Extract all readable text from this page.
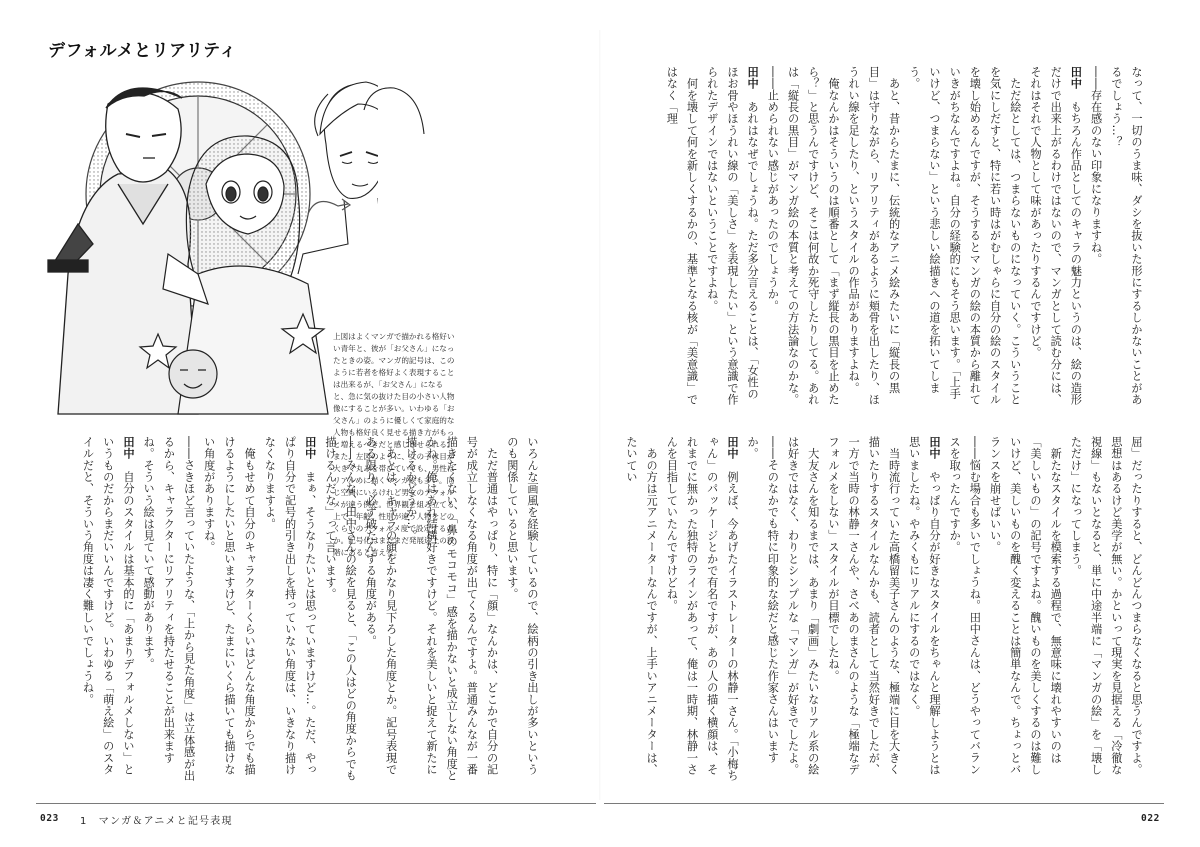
デフォルメとリアリティ

上図はよくマンガで描かれる格好いい青年と、彼が「お父さん」になったときの姿。マンガ的記号は、このように若者を格好よく表現することは出来るが、「お父さん」になると、急に気の抜けた目の小さい人物像にすることが多い。いわゆる「お父さん」のように優しくて家庭的な人物も格好良く見せる描き方がもっと増えるべきだと感じさせられる。また、左図のように、女の子は目が大きく丸みを帯びていても、男性はリアルめに描くマンガ絵も多い。同じ空間にいるけれど男女のデフォルメが違う例だ。世界観を組み立てる上で、年齢、性別が違う人物をどのくらいのデフォルメ度で設定するのか。記号化はまだまだ発展途上の段階にあると言える。

なって、一切のうま味、ダシを抜いた形にするしかないことがあるでしょう…？

――存在感のない印象になりますね。

田中　もちろん作品としてのキャラの魅力というのは、絵の造形だけで出来上がるわけではないので、マンガとして読む分には、それはそれで人物として味があったりするんですけど。

　ただ絵としては、つまらないものになっていく。こういうことを気にしだすと、特に若い時はがむしゃらに自分の絵のスタイルを壊し始めるんですが、そうするとマンガの絵の本質から離れていきがちなんですよね。自分の経験的にもそう思います。「上手いけど、つまらない」という悲しい絵描きへの道を拓いてしまう。

　あと、昔からたまに、伝統的なアニメ絵みたいに「縦長の黒目」は守りながら、リアリティがあるように頬骨を出したり、ほうれい線を足したり、というスタイルの作品がありますよね。

　俺なんかはそういうのは順番として「まず縦長の黒目を止めたら？」と思うんですけど、そこは何故か死守したりしてる。あれは「縦長の黒目」がマンガ絵の本質と考えての方法論なのかな。

――止められない感じがあったのでしょうか。

田中　あれはなぜでしょうね。ただ多分言えることは、「女性のほお骨やほうれい線の「美しさ」を表現したい」という意識で作られたデザインではないということですよね。

　何を壊して何を新しくするかの、基準となる核が「美意識」ではなく「理

屈」だったりすると、どんどんつまらなくなると思うんですよ。思想はあるけど美学が無い。かといって現実を見据える「冷徹な視線」もないとなると、単に中途半端に「マンガの絵」を「壊しただけ」になってしまう。

　新たなスタイルを模索する過程で、無意味に壊れやすいのは「美しいもの」の記号ですよね。醜いものを美しくするのは難しいけど、美しいものを醜く変えることは簡単なんで。ちょっとバランスを崩せばいい。

――悩む場合も多いでしょうね。田中さんは、どうやってバランスを取ったんですか。

田中　やっぱり自分が好きなスタイルをちゃんと理解しようとは思いましたね。やみくもにリアルにするのではなく。

　当時流行っていた高橋留美子さんのような、極端に目を大きく描いたりするスタイルなんかも、読者として当然好きでしたが、一方で当時の林静一さんや、さべあのまさんのような「極端なデフォルメをしない」スタイルが目標でしたね。

　大友さんを知るまでは、あまり「劇画」みたいなリアル系の絵は好きではなく、わりとシンプルな「マンガ」が好きでしたよ。

――そのなかでも特に印象的な絵だと感じた作家さんはいますか。

田中　例えば、今あげたイラストレーターの林静一さん。「小梅ちゃん」のパッケージとかで有名ですが、あの人の描く横顔は、それまでに無かった独特のラインがあって、俺は一時期、林静一さんを目指していたんですけどね。

　あの方は元アニメーターなんですが、上手いアニメーターは、たいてい

いろんな画風を経験しているので、絵柄の引き出しが多いというのも関係していると思います。

　ただ普通はやっぱり、特に「顔」なんかは、どこかで自分の記号が成立しなくなる角度が出てくるんですよ。普通みんなが一番描きたくない、「鼻のモコモコ」感を描かないと成立しない角度とかね。俺はあれ結構好きですけど。それを美しいと捉えて新たに描けるかどうか…。

　あとは、キャラの顔をかなり見下ろした角度とか。記号表現である限り、必ず破たんする角度がある。

――みんな、田中さんの絵を見ると、「この人はどの角度からでも描けるんだな」って言います。

田中　まぁ、そうなりたいとは思っていますけど…。ただ、やっぱり自分で記号的引き出しを持っていない角度は、いきなり描けなくなりますよ。

　俺もせめて自分のキャラクターくらいはどんな角度からでも描けるようにしたいと思いますけど、たまにいくら描いても描けない角度がありますね。

――さきほど言っていたような、「上から見た角度」は立体感が出るから、キャラクターにリアリティを持たせることが出来ますね。そういう絵は見ていて感動があります。

田中　自分のスタイルは基本的に「あまりデフォルメしない」というものだからまだいいんですけど。いわゆる「萌え絵」のスタイルだと、そういう角度は凄く難しいでしょうね。

023 1　 マンガ＆アニメと記号表現	022
